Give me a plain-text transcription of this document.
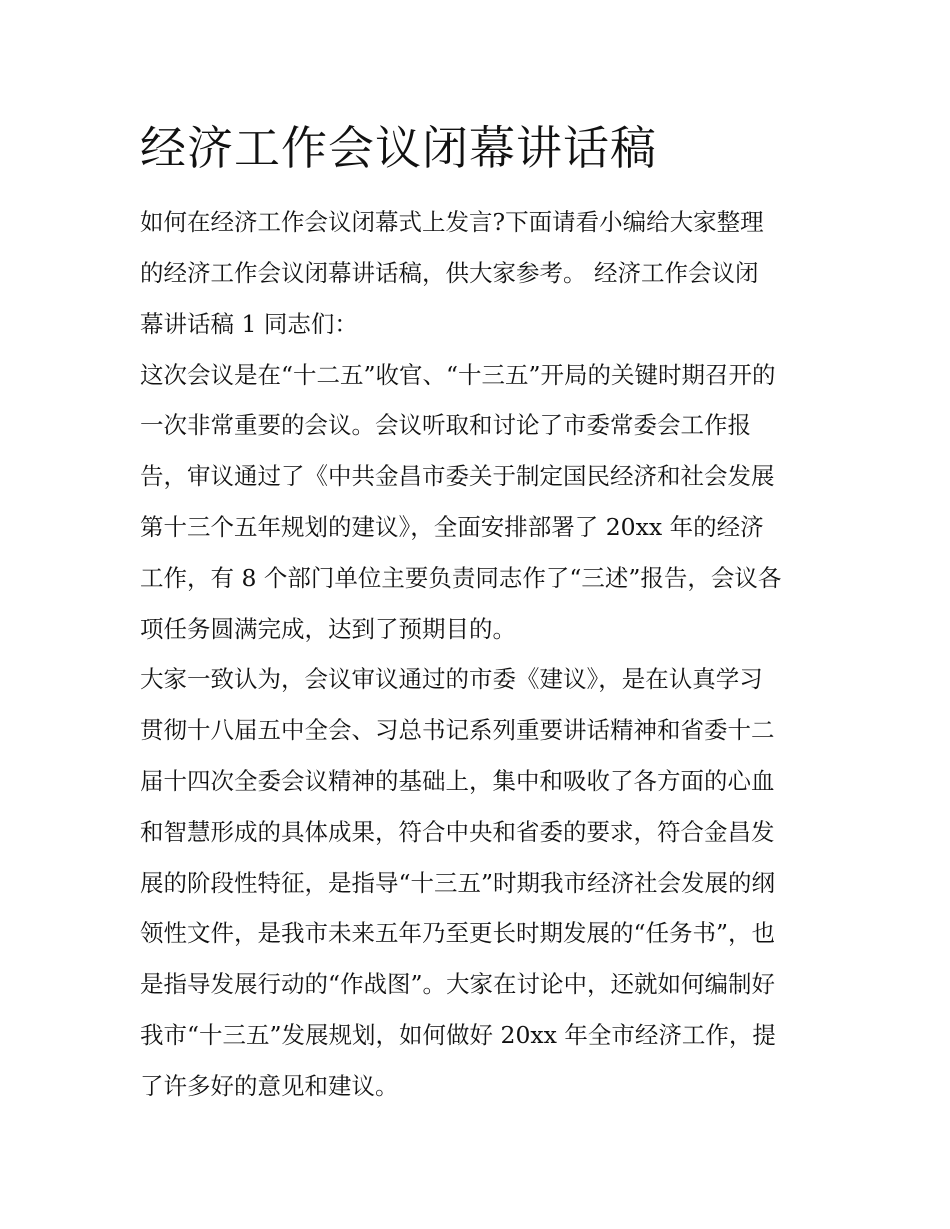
经济工作会议闭幕讲话稿

如何在经济工作会议闭幕式上发言?下面请看小编给大家整理

的经济工作会议闭幕讲话稿，供大家参考。 经济工作会议闭

幕讲话稿 1 同志们：

这次会议是在“十二五”收官、“十三五”开局的关键时期召开的

一次非常重要的会议。会议听取和讨论了市委常委会工作报

告，审议通过了《中共金昌市委关于制定国民经济和社会发展

第十三个五年规划的建议》，全面安排部署了 20xx 年的经济

工作，有 8 个部门单位主要负责同志作了“三述”报告，会议各

项任务圆满完成，达到了预期目的。

大家一致认为，会议审议通过的市委《建议》，是在认真学习

贯彻十八届五中全会、习总书记系列重要讲话精神和省委十二

届十四次全委会议精神的基础上，集中和吸收了各方面的心血

和智慧形成的具体成果，符合中央和省委的要求，符合金昌发

展的阶段性特征，是指导“十三五”时期我市经济社会发展的纲

领性文件，是我市未来五年乃至更长时期发展的“任务书”，也

是指导发展行动的“作战图”。大家在讨论中，还就如何编制好

我市“十三五”发展规划，如何做好 20xx 年全市经济工作，提

了许多好的意见和建议。
